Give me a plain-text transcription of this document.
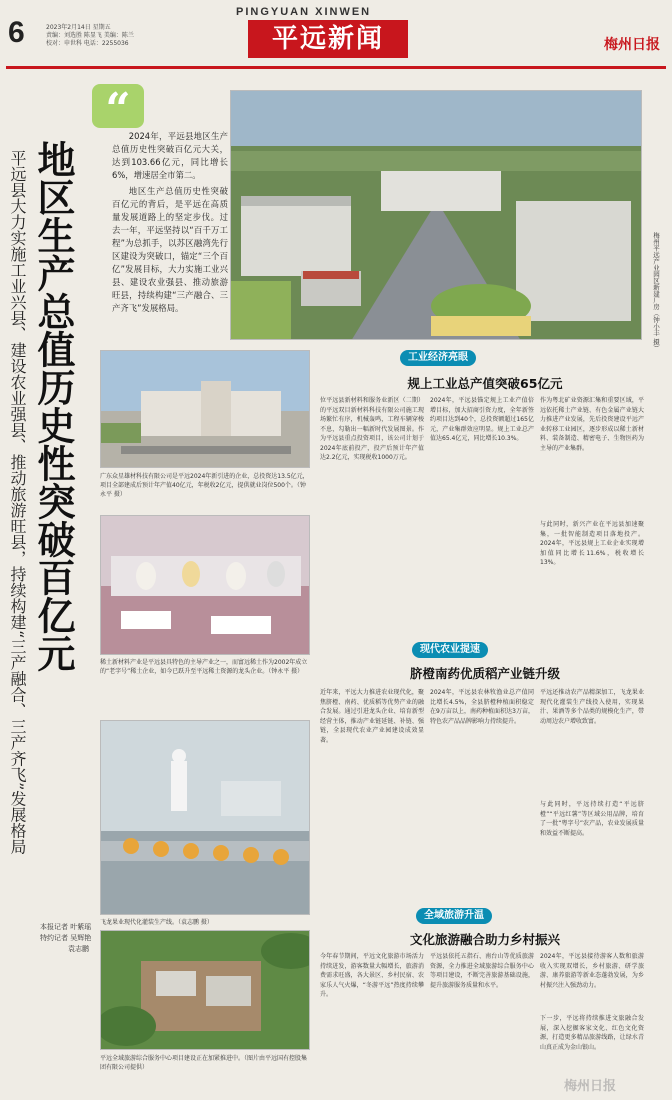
6	2023年2月14日 星期五
责编：刘选胜 陈显飞 美编：陈兰
校对：申世科 电话：2255036
PINGYUAN XINWEN
平远新闻	梅州日报
“
地区生产总值历史性突破百亿元
平远县大力实施工业兴县、建设农业强县、推动旅游旺县，持续构建“三产融合、三产齐飞”发展格局

2024年，平远县地区生产总值历史性突破百亿元大关，达到103.66亿元，同比增长6%，增速居全市第二。

地区生产总值历史性突破百亿元的背后，是平远在高质量发展道路上的坚定步伐。过去一年，平远坚持以“百千万工程”为总抓手，以苏区融湾先行区建设为突破口，锚定“三个百亿”发展目标，大力实施工业兴县、建设农业强县、推动旅游旺县，持续构建“三产融合、三产齐飞”发展格局。	梅州平远产业园区新建厂房（钟小丰 摄）
广东众星雄材科技有限公司是平远2024年新引进的企业，总投资达13.5亿元，项目全部建成后预计年产值40亿元，年税收2亿元，提供就业岗位500个。（钟永平 摄）
稀土新材料产业是平远县具特色的主导产业之一，而富远稀土作为2002年成立的“老字号”稀土企业，如今已跃升至平远稀土资源的龙头企业。（钟永平 摄）
飞龙果业现代化灌装生产线。（袁志鹏 摄）
平远全域旅游综合服务中心项目建设正在加紧推进中。（图片由平远国有控股集团有限公司提供）
本报记者 叶紫瑶
特约记者 吴辉艳
袁志鹏
工业经济亮眼
规上工业总产值突破65亿元
位平远县新材料和服务业新区（二期）的平远双目新材料科技有限公司施工现场繁忙有序，机械轰鸣，工程车辆穿梭不息，勾勒出一幅新时代发展图景。作为平远县重点投资项目，该公司计划于2024年底前投产，投产后预计年产值达2.2亿元，实现税收1000万元。
2024年，平远县锚定规上工业产值倍增目标，加大招商引资力度，全年新签约项目达到40个，总投资额超过165亿元，产业集群效应明显。规上工业总产值达65.4亿元，同比增长10.3%。
作为粤北矿业资源汇集和重要区域，平远依托稀土产业链、有色金属产业链大力推进产业发展，先后投资建设平远产业转移工业园区，逐步形成以稀土新材料、装备制造、精密电子、生物医药为主导的产业集群。
与此同时，新兴产业在平远县加速聚集，一批智能制造项目落地投产。2024年，平远县规上工业企业实现增加值同比增长11.6%，税收增长13%。
现代农业提速
脐橙南药优质稻产业链升级
近年来，平远大力推进农业现代化，聚焦脐橙、南药、优质稻等优势产业的融合发展。通过引进龙头企业、培育新型经营主体，推动产业链延链、补链、强链，全县现代农业产业园建设成效显著。
2024年，平远县农林牧渔业总产值同比增长4.5%，全县脐橙种植面积稳定在9万亩以上，南药种植面积达3万亩，特色农产品品牌影响力持续提升。
平远还推动农产品精深加工，飞龙果业现代化灌装生产线投入使用，实现果汁、果酒等多个品类的规模化生产，带动周边农户增收致富。
与此同时，平远持续打造“平远脐橙”“平远红薯”等区域公用品牌，培育了一批“粤字号”农产品，农业发展质量和效益不断提高。
全域旅游升温
文化旅游融合助力乡村振兴
今年春节期间，平远文化旅游市场活力持续迸发，游客数量大幅增长，旅游消费需求旺盛，各大景区、乡村民宿、农家乐人气火爆，“冬游平远”热度持续攀升。
平远县依托五指石、南台山等优质旅游资源，全力推进全域旅游综合服务中心等项目建设，不断完善旅游基础设施，提升旅游服务质量和水平。
2024年，平远县接待游客人数和旅游收入实现双增长，乡村旅游、研学旅游、康养旅游等新业态蓬勃发展，为乡村振兴注入强劲动力。
下一步，平远将持续推进文旅融合发展，深入挖掘客家文化、红色文化资源，打造更多精品旅游线路，让绿水青山真正成为金山银山。
梅州日报
